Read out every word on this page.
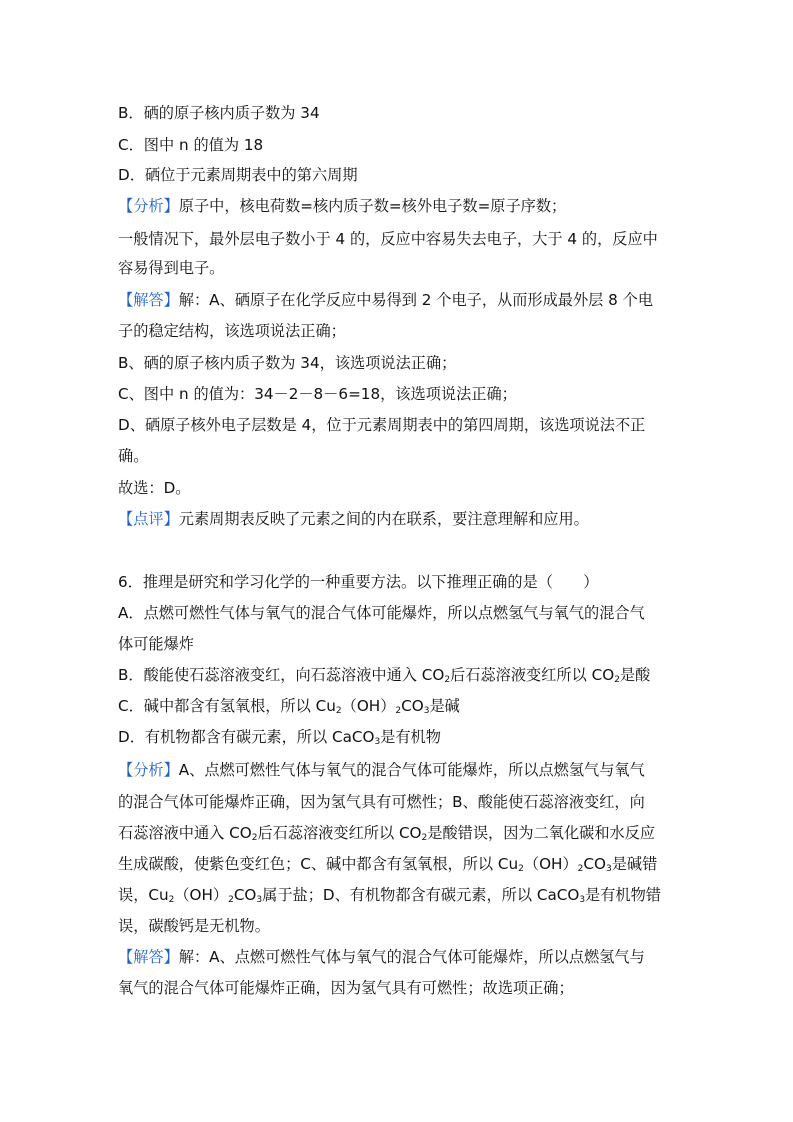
B．硒的原子核内质子数为 34
C．图中 n 的值为 18
D．硒位于元素周期表中的第六周期
【分析】原子中，核电荷数=核内质子数=核外电子数=原子序数；
一般情况下，最外层电子数小于 4 的，反应中容易失去电子，大于 4 的，反应中
容易得到电子。
【解答】解：A、硒原子在化学反应中易得到 2 个电子，从而形成最外层 8 个电
子的稳定结构，该选项说法正确；
B、硒的原子核内质子数为 34，该选项说法正确；
C、图中 n 的值为：34－2－8－6=18，该选项说法正确；
D、硒原子核外电子层数是 4，位于元素周期表中的第四周期，该选项说法不正
确。
故选：D。
【点评】元素周期表反映了元素之间的内在联系，要注意理解和应用。
6．推理是研究和学习化学的一种重要方法。以下推理正确的是（　　）
A．点燃可燃性气体与氧气的混合气体可能爆炸，所以点燃氢气与氧气的混合气
体可能爆炸
B．酸能使石蕊溶液变红，向石蕊溶液中通入 $CO_2$后石蕊溶液变红所以 $CO_2$是酸
C．碱中都含有氢氧根，所以 $Cu_2(OH)_2CO_3$是碱
D．有机物都含有碳元素，所以 CaCO$_3$是有机物
【分析】A、点燃可燃性气体与氧气的混合气体可能爆炸，所以点燃氢气与氧气
的混合气体可能爆炸正确，因为氢气具有可燃性；B、酸能使石蕊溶液变红，向
石蕊溶液中通入 $CO_2$后石蕊溶液变红所以 $CO_2$是酸错误，因为二氧化碳和水反应
生成碳酸，使紫色变红色；C、碱中都含有氢氧根，所以 $Cu_2(OH)_2CO_3$是碱错
误，$Cu_2(OH)_2CO_3$属于盐；D、有机物都含有碳元素，所以 CaCO$_3$是有机物错
误，碳酸钙是无机物。
【解答】解：A、点燃可燃性气体与氧气的混合气体可能爆炸，所以点燃氢气与
氧气的混合气体可能爆炸正确，因为氢气具有可燃性；故选项正确；
